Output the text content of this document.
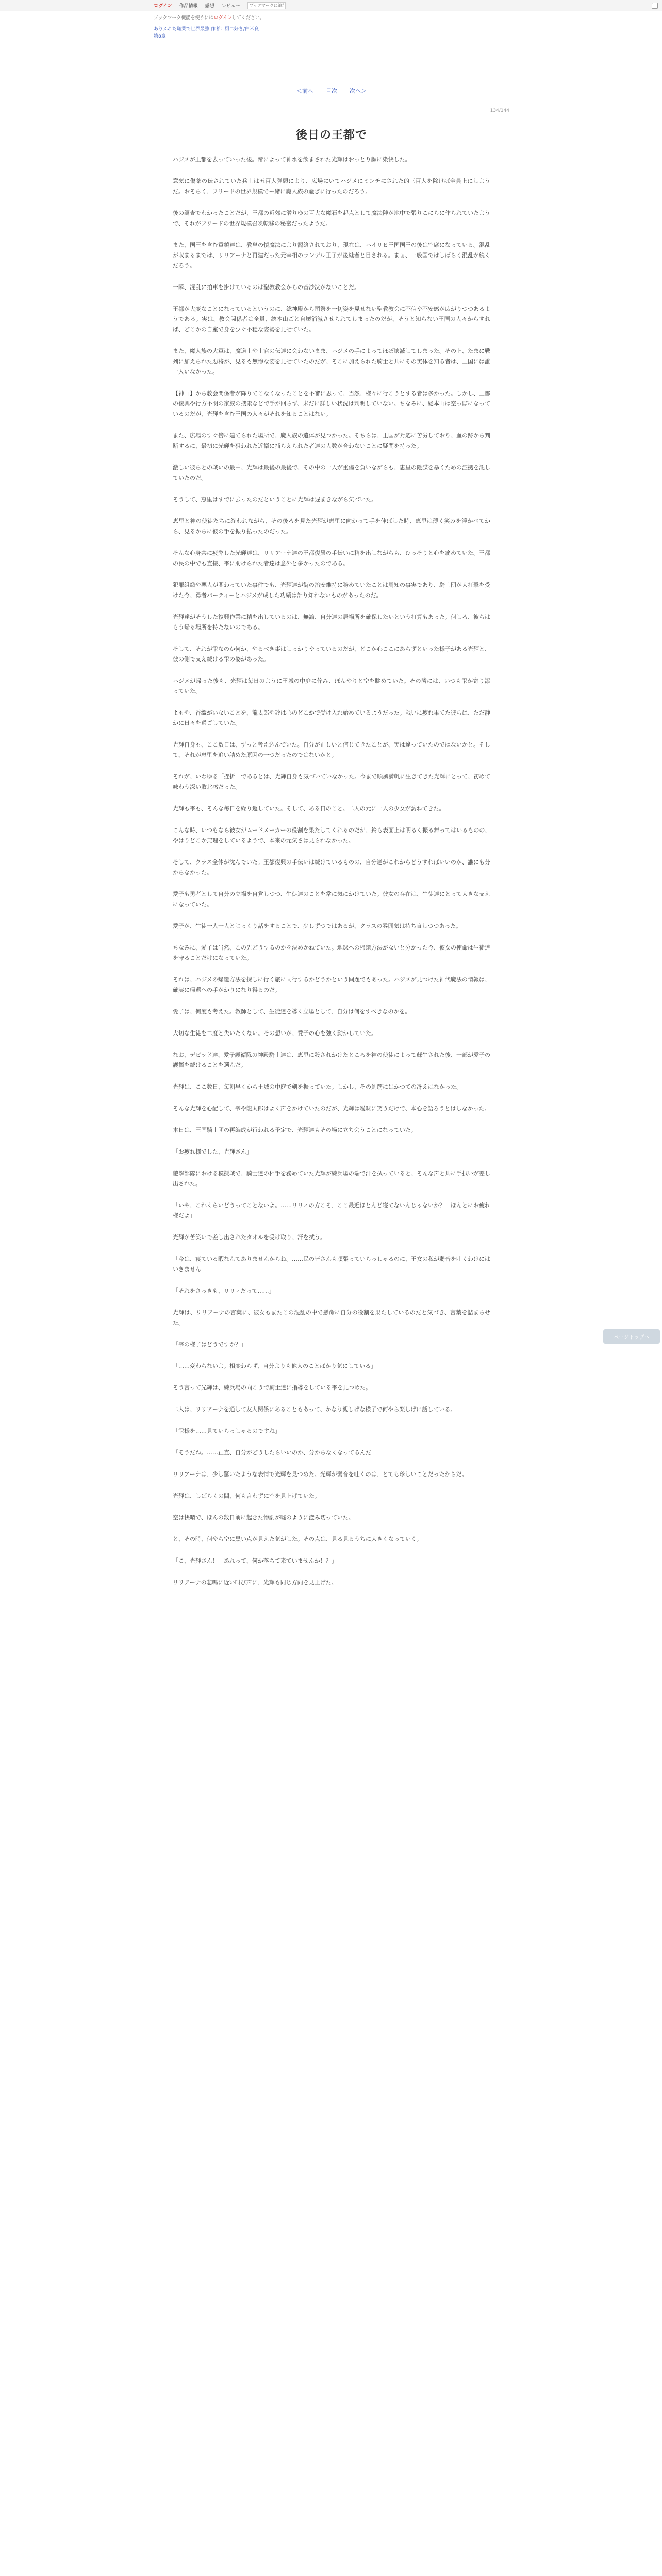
ログイン 作品情報 感想 レビュー
ブックマークに追加
ブックマーク機能を使うにはログインしてください。
ありふれた職業で世界最強 作者：厨二好き/白米良
第8章
＜前へ 目次 次へ＞
134/144
後日の王都で

ハジメが王都を去っていった後。帝によって神水を飲まされた光輝はおっとり顔に染快した。

意気に傷薬の伝されていた兵士は五百人弾頭により、広場にいてハジメにミンチにされた的三百人を除けば全員上にしようだ。おそらく、フリードの世界規模でー緒に魔人族の騒ぎに行ったのだろう。

後の調査でわかったことだが、王都の近郊に潜りゆの百大な魔石を起点として魔法陣が地中で張りこにらに作られていたようで、それがフリードの世界規模召喚転移の秘密だったようだ。

また、国王を含む重鎮達は、教皇の慎魔法により籠絡されており、現在は、ハイリヒ王国国王の後は空席になっている。混乱が収まるまでは、リリアーナと再建だった元宰相のランデル王子が後継者と目される。まぁ、一般国ではしばらく混乱が続くだろう。

一瞬、混乱に拍車を掛けているのは聖教教会からの音沙汰がないことだ。

王都が大変なことになっているというのに、総神殿から司祭を一切姿を見せない聖教教会に不信や不安感が広がりつつあるようである。実は、教会関係者は全員、総本山ごと自壊消滅させられてしまったのだが、そうと知らない王国の人々からすれば、どこかの自室で身を少ぐ不穏な姿勢を見せていた。

また、魔人族の大軍は、魔道士や士官の伝達に会わないまま、ハジメの手によってほぼ壊滅してしまった。その上、たまに戦列に加えられた悪将が、見るも無惨な姿を見せていたのだが、そこに加えられた騎士と共にその実体を知る者は、王国には誰一人いなかった。

【神山】から教会関係者が降りてこなくなったことを不審に思って、当然、様々に行こうとする者は多かった。しかし、王都の復興や行方不明の家族の捜索などで手が回らず、未だに詳しい状況は判明していない。ちなみに、総本山は空っぽになっているのだが、光輝を含む王国の人々がそれを知ることはない。

また、広場のすぐ傍に建てられた場所で、魔人族の遺体が見つかった。そちらは、王国が対応に苦労しており、血の跡から判断するに、最初に光輝を狙われた近衛に捕らえられた者達の人数が合わないことに疑問を持った。

激しい彼らとの戦いの最中、光輝は最後の最後で、その中の一人が重傷を負いながらも、恵里の陰謀を暴くための証拠を託していたのだ。

そうして、恵里はすでに去ったのだということに光輝は遅まきながら気づいた。

恵里と神の使徒たちに終われながら、その後ろを見た光輝が恵里に向かって手を伸ばした時、恵里は薄く笑みを浮かべてから、見るからに彼の手を振り払ったのだった。

そんな心身共に疲弊した光輝達は、リリアーナ達の王都復興の手伝いに精を出しながらも、ひっそりと心を痛めていた。王都の民の中でも直接、雫に助けられた者達は意外と多かったのである。

犯罪組織や悪人が関わっていた事件でも、光輝達が街の治安維持に務めていたことは周知の事実であり、騎士団が大打撃を受けた今、勇者パーティーとハジメが成した功績は計り知れないものがあったのだ。

光輝達がそうした復興作業に精を出しているのは、無論、自分達の居場所を確保したいという打算もあった。何しろ、彼らはもう帰る場所を持たないのである。

そして、それが雫なのか何か、やるべき事はしっかりやっているのだが、どこか心ここにあらずといった様子がある光輝と、彼の側で支え続ける雫の姿があった。

ハジメが帰った後も、光輝は毎日のように王城の中庭に佇み、ぼんやりと空を眺めていた。その隣には、いつも雫が寄り添っていた。

よもや、香織がいないことを、龍太郎や鈴は心のどこかで受け入れ始めているようだった。戦いに疲れ果てた彼らは、ただ静かに日々を過ごしていた。

光輝自身も、ここ数日は、ずっと考え込んでいた。自分が正しいと信じてきたことが、実は違っていたのではないかと。そして、それが恵里を追い詰めた原因の一つだったのではないかと。

それが、いわゆる「挫折」であるとは、光輝自身も気づいていなかった。今まで順風満帆に生きてきた光輝にとって、初めて味わう深い敗北感だった。

光輝も雫も、そんな毎日を繰り返していた。そして、ある日のこと。二人の元に一人の少女が訪ねてきた。

こんな時、いつもなら彼女がムードメーカーの役割を果たしてくれるのだが、鈴も表面上は明るく振る舞ってはいるものの、やはりどこか無理をしているようで、本来の元気さは見られなかった。

そして、クラス全体が沈んでいた。王都復興の手伝いは続けているものの、自分達がこれからどうすればいいのか、誰にも分からなかった。

愛子も勇者として自分の立場を自覚しつつ、生徒達のことを常に気にかけていた。彼女の存在は、生徒達にとって大きな支えになっていた。

愛子が、生徒一人一人とじっくり話をすることで、少しずつではあるが、クラスの雰囲気は持ち直しつつあった。

ちなみに、愛子は当然、この先どうするのかを決めかねていた。地球への帰還方法がないと分かった今、彼女の使命は生徒達を守ることだけになっていた。

それは、ハジメの帰還方法を探しに行く旅に同行するかどうかという問題でもあった。ハジメが見つけた神代魔法の情報は、確実に帰還への手がかりになり得るのだ。

愛子は、何度も考えた。教師として、生徒達を導く立場として、自分は何をすべきなのかを。

大切な生徒を二度と失いたくない。その想いが、愛子の心を強く動かしていた。

なお、デビッド達、愛子護衛隊の神殿騎士達は、恵里に殺されかけたところを神の使徒によって蘇生された後、一部が愛子の護衛を続けることを選んだ。

光輝は、ここ数日、毎朝早くから王城の中庭で剣を振っていた。しかし、その剣筋にはかつての冴えはなかった。

そんな光輝を心配して、雫や龍太郎はよく声をかけていたのだが、光輝は曖昧に笑うだけで、本心を語ろうとはしなかった。

本日は、王国騎士団の再編成が行われる予定で、光輝達もその場に立ち会うことになっていた。

「お疲れ様でした、光輝さん」

遊撃部隊における模擬戦で、騎士達の相手を務めていた光輝が練兵場の端で汗を拭っていると、そんな声と共に手拭いが差し出された。

「いや、これくらいどうってことないよ。……リリィの方こそ、ここ最近ほとんど寝てないんじゃないか？　ほんとにお疲れ様だよ」

光輝が苦笑いで差し出されたタオルを受け取り、汗を拭う。

「今は、寝ている暇なんてありませんからね。……民の皆さんも頑張っていらっしゃるのに、王女の私が弱音を吐くわけにはいきません」

「それをさっきも、リリィだって……」

光輝は、リリアーナの言葉に、彼女もまたこの混乱の中で懸命に自分の役割を果たしているのだと気づき、言葉を詰まらせた。

「雫の様子はどうですか？」

「……変わらないよ。相変わらず、自分よりも他人のことばかり気にしている」

そう言って光輝は、練兵場の向こうで騎士達に指導をしている雫を見つめた。

二人は、リリアーナを通して友人関係にあることもあって、かなり親しげな様子で何やら楽しげに話している。

「雫様を……見ていらっしゃるのですね」

「そうだね。……正直、自分がどうしたらいいのか、分からなくなってるんだ」

リリアーナは、少し驚いたような表情で光輝を見つめた。光輝が弱音を吐くのは、とても珍しいことだったからだ。

光輝は、しばらくの間、何も言わずに空を見上げていた。

空は快晴で、ほんの数日前に起きた惨劇が嘘のように澄み切っていた。

と、その時、何やら空に黒い点が見えた気がした。その点は、見る見るうちに大きくなっていく。

「こ、光輝さん！　あれって、何か落ちて来ていませんか！？」

リリアーナの悲鳴に近い叫び声に、光輝も同じ方向を見上げた。

ページトップへ
